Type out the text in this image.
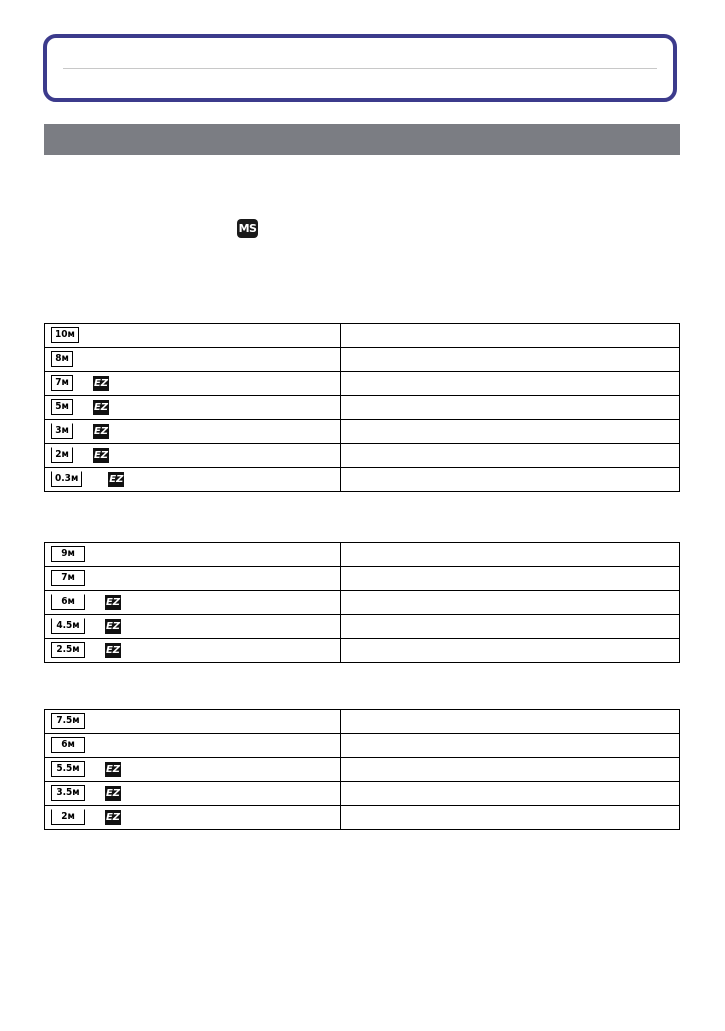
MS
10м	
8м	
7м EZ	
5м EZ	
3м EZ	
2м EZ	
0.3м EZ	
9м	
7м	
6м EZ	
4.5м EZ	
2.5м EZ	
7.5м	
6м	
5.5м EZ	
3.5м EZ	
2м EZ	
